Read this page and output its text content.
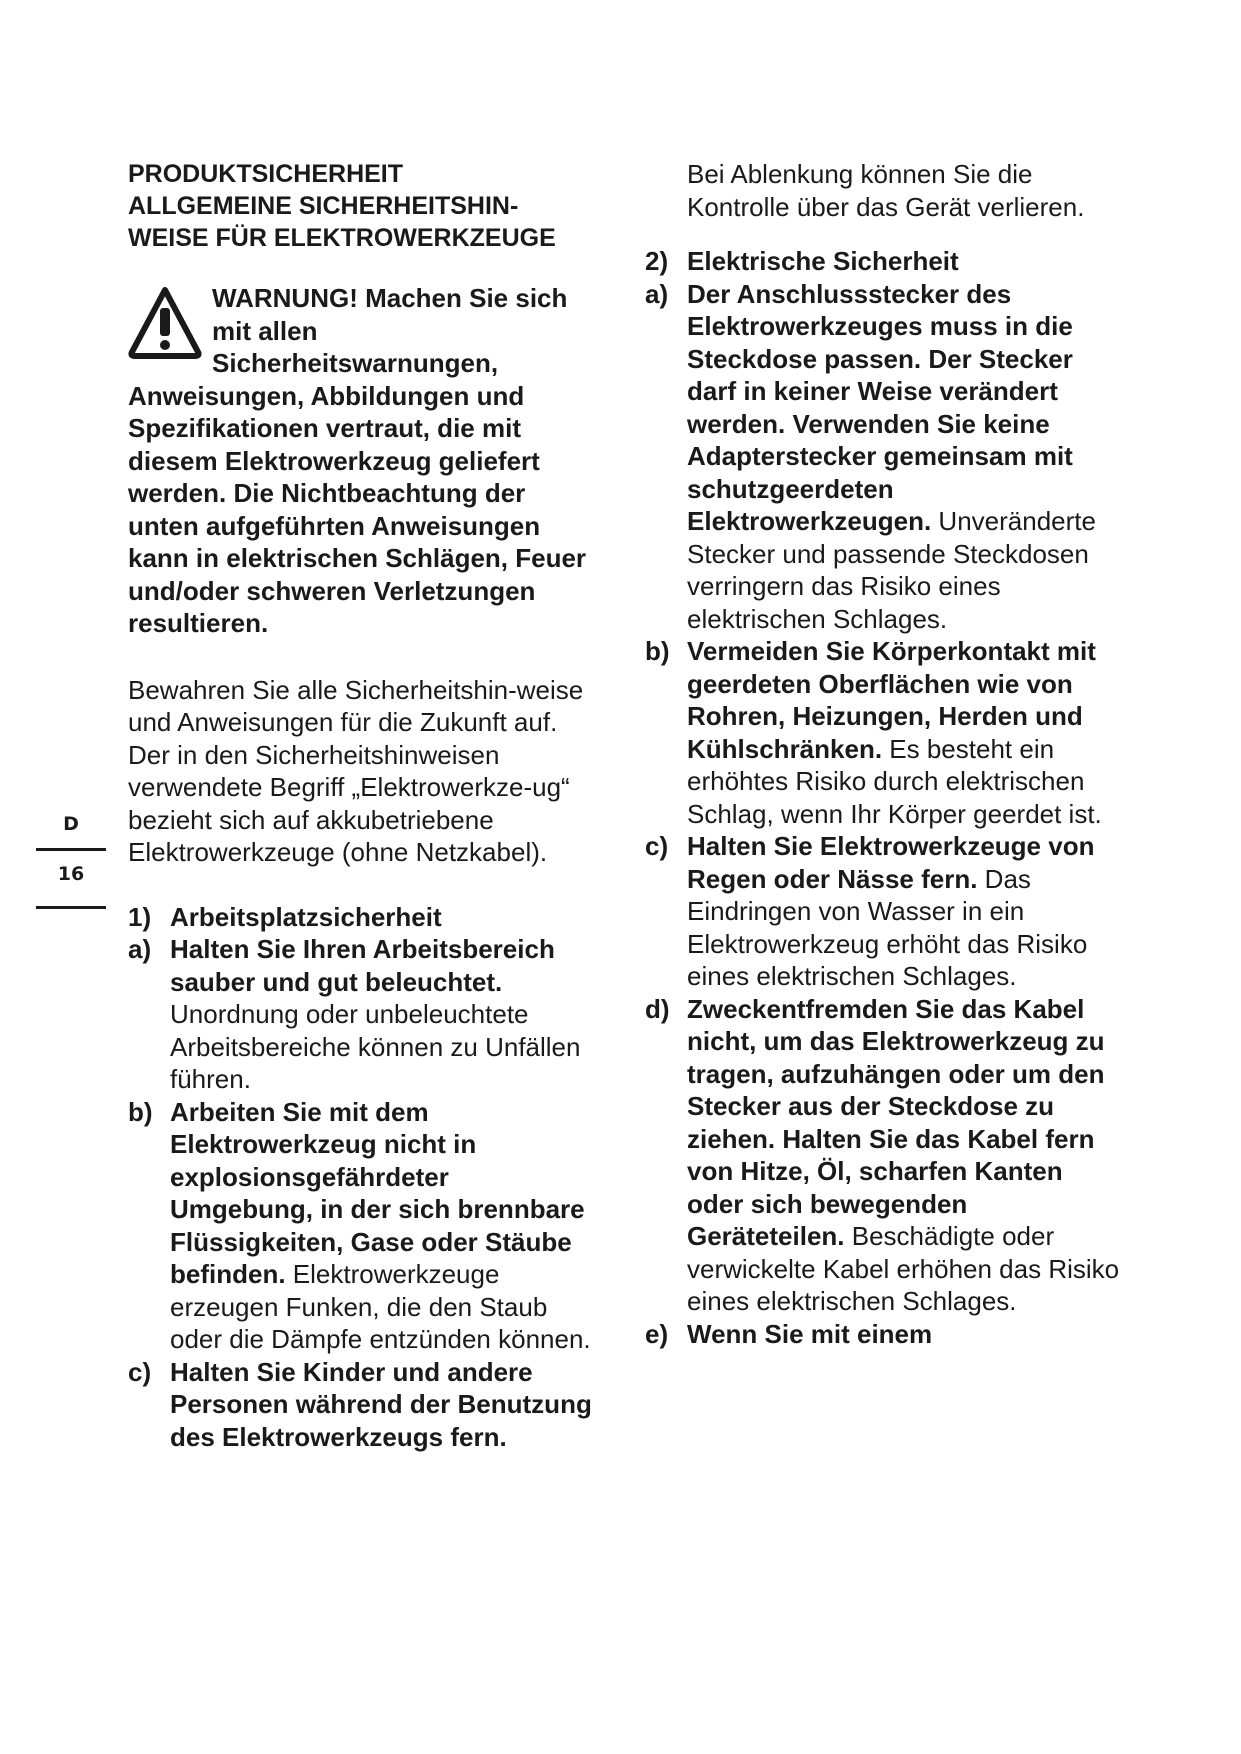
D
16
PRODUKTSICHERHEIT
ALLGEMEINE SICHERHEITSHIN-
WEISE FÜR ELEKTROWERKZEUGE
WARNUNG! Machen Sie sich mit allen Sicherheitswarnungen, Anweisungen, Abbildungen und Spezifikationen vertraut, die mit diesem Elektrowerkzeug geliefert werden. Die Nichtbeachtung der unten aufgeführten Anweisungen kann in elektrischen Schlägen, Feuer und/oder schweren Verletzungen resultieren.

Bewahren Sie alle Sicherheitshin-weise und Anweisungen für die Zukunft auf.

Der in den Sicherheitshinweisen verwendete Begriff „Elektrowerkze-ug“ bezieht sich auf akkubetriebene Elektrowerkzeuge (ohne Netzkabel).

1) Arbeitsplatzsicherheit
a) Halten Sie Ihren Arbeitsbereich sauber und gut beleuchtet. Unordnung oder unbeleuchtete Arbeitsbereiche können zu Unfällen führen.
b) Arbeiten Sie mit dem Elektrowerkzeug nicht in explosionsgefährdeter Umgebung, in der sich brennbare Flüssigkeiten, Gase oder Stäube befinden. Elektrowerkzeuge erzeugen Funken, die den Staub oder die Dämpfe entzünden können.
c) Halten Sie Kinder und andere Personen während der Benutzung des Elektrowerkzeugs fern.

Bei Ablenkung können Sie die Kontrolle über das Gerät verlieren.

2) Elektrische Sicherheit
a) Der Anschlussstecker des Elektrowerkzeuges muss in die Steckdose passen. Der Stecker darf in keiner Weise verändert werden. Verwenden Sie keine Adapterstecker gemeinsam mit schutzgeerdeten Elektrowerkzeugen. Unveränderte Stecker und passende Steckdosen verringern das Risiko eines elektrischen Schlages.
b) Vermeiden Sie Körperkontakt mit geerdeten Oberflächen wie von Rohren, Heizungen, Herden und Kühlschränken. Es besteht ein erhöhtes Risiko durch elektrischen Schlag, wenn Ihr Körper geerdet ist.
c) Halten Sie Elektrowerkzeuge von Regen oder Nässe fern. Das Eindringen von Wasser in ein Elektrowerkzeug erhöht das Risiko eines elektrischen Schlages.
d) Zweckentfremden Sie das Kabel nicht, um das Elektrowerkzeug zu tragen, aufzuhängen oder um den Stecker aus der Steckdose zu ziehen. Halten Sie das Kabel fern von Hitze, Öl, scharfen Kanten oder sich bewegenden Geräteteilen. Beschädigte oder verwickelte Kabel erhöhen das Risiko eines elektrischen Schlages.
e) Wenn Sie mit einem
